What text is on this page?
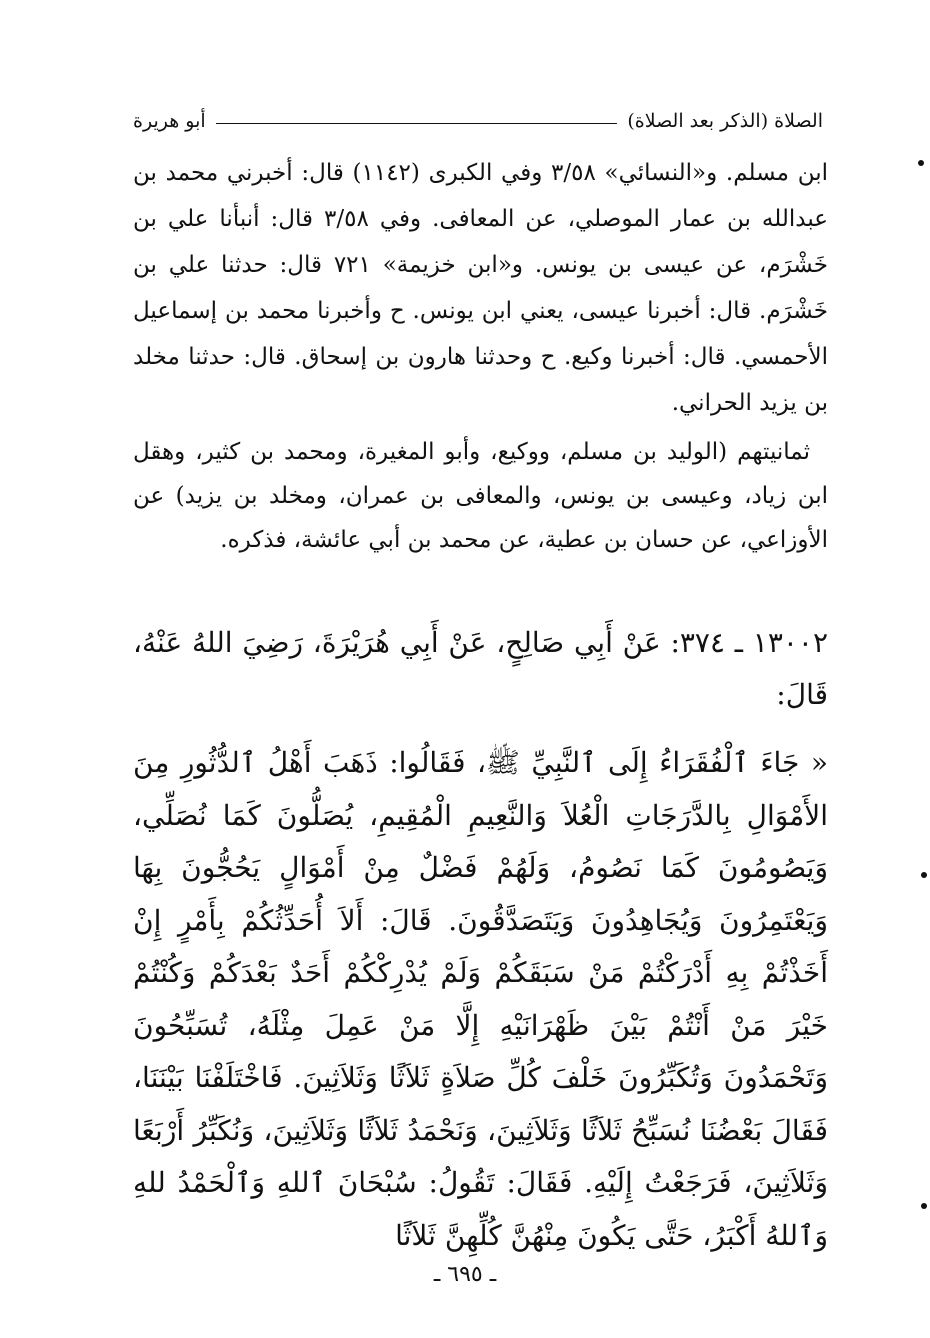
الصلاة (الذكر بعد الصلاة)
أبو هريرة

ابن مسلم. و«النسائي» ٣/٥٨ وفي الكبرى (١١٤٢) قال: أخبرني محمد بن عبدالله بن عمار الموصلي، عن المعافى. وفي ٣/٥٨ قال: أنبأنا علي بن خَشْرَم، عن عيسى بن يونس. و«ابن خزيمة» ٧٢١ قال: حدثنا علي بن خَشْرَم. قال: أخبرنا عيسى، يعني ابن يونس. ح وأخبرنا محمد بن إسماعيل الأحمسي. قال: أخبرنا وكيع. ح وحدثنا هارون بن إسحاق. قال: حدثنا مخلد بن يزيد الحراني.

ثمانيتهم (الوليد بن مسلم، ووكيع، وأبو المغيرة، ومحمد بن كثير، وهقل ابن زياد، وعيسى بن يونس، والمعافى بن عمران، ومخلد بن يزيد) عن الأوزاعي، عن حسان بن عطية، عن محمد بن أبي عائشة، فذكره.

١٣٠٠٢ ـ ٣٧٤: عَنْ أَبِي صَالِحٍ، عَنْ أَبِي هُرَيْرَةَ، رَضِيَ اللهُ عَنْهُ، قَالَ:
« جَاءَ ٱلْفُقَرَاءُ إِلَى ٱلنَّبِيِّ ﷺ، فَقَالُوا: ذَهَبَ أَهْلُ ٱلدُّثُورِ مِنَ الأَمْوَالِ بِالدَّرَجَاتِ الْعُلاَ وَالنَّعِيمِ الْمُقِيمِ، يُصَلُّونَ كَمَا نُصَلِّي، وَيَصُومُونَ كَمَا نَصُومُ، وَلَهُمْ فَضْلٌ مِنْ أَمْوَالٍ يَحُجُّونَ بِهَا وَيَعْتَمِرُونَ وَيُجَاهِدُونَ وَيَتَصَدَّقُونَ. قَالَ: أَلاَ أُحَدِّثُكُمْ بِأَمْرٍ إِنْ أَخَذْتُمْ بِهِ أَدْرَكْتُمْ مَنْ سَبَقَكُمْ وَلَمْ يُدْرِكْكُمْ أَحَدٌ بَعْدَكُمْ وَكُنْتُمْ خَيْرَ مَنْ أَنْتُمْ بَيْنَ ظَهْرَانَيْهِ إِلَّا مَنْ عَمِلَ مِثْلَهُ، تُسَبِّحُونَ وَتَحْمَدُونَ وَتُكَبِّرُونَ خَلْفَ كُلِّ صَلاَةٍ ثَلاَثًا وَثَلاَثِينَ. فَاخْتَلَفْنَا بَيْنَنَا، فَقَالَ بَعْضُنَا نُسَبِّحُ ثَلاَثًا وَثَلاَثِينَ، وَنَحْمَدُ ثَلاَثًا وَثَلاَثِينَ، وَنُكَبِّرُ أَرْبَعًا وَثَلاَثِينَ، فَرَجَعْتُ إِلَيْهِ. فَقَالَ: تَقُولُ: سُبْحَانَ ٱللهِ وَٱلْحَمْدُ للهِ وَٱللهُ أَكْبَرُ، حَتَّى يَكُونَ مِنْهُنَّ كُلِّهِنَّ ثَلاَثًا
ـ ٦٩٥ ـ
